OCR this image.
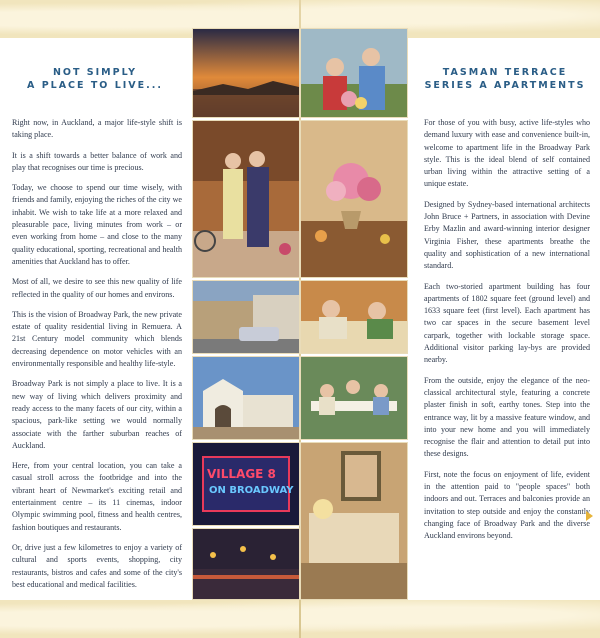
NOT SIMPLY
A PLACE TO LIVE...

Right now, in Auckland, a major life-style shift is taking place.

It is a shift towards a better balance of work and play that recognises our time is precious.

Today, we choose to spend our time wisely, with friends and family, enjoying the riches of the city we inhabit. We wish to take life at a more relaxed and pleasurable pace, living minutes from work – or even working from home – and close to the many quality educational, sporting, recreational and health amenities that Auckland has to offer.

Most of all, we desire to see this new quality of life reflected in the quality of our homes and environs.

This is the vision of Broadway Park, the new private estate of quality residential living in Remuera. A 21st Century model community which blends decreasing dependence on motor vehicles with an environmentally responsible and healthy life-style.

Broadway Park is not simply a place to live. It is a new way of living which delivers proximity and ready access to the many facets of our city, within a spacious, park-like setting we would normally associate with the farther suburban reaches of Auckland.

Here, from your central location, you can take a casual stroll across the footbridge and into the vibrant heart of Newmarket's exciting retail and entertainment centre – its 11 cinemas, indoor Olympic swimming pool, fitness and health centres, fashion boutiques and restaurants.

Or, drive just a few kilometres to enjoy a variety of cultural and sports events, shopping, city restaurants, bistros and cafes and some of the city's best educational and medical facilities.

TASMAN TERRACE
SERIES A APARTMENTS

For those of you with busy, active life-styles who demand luxury with ease and convenience built-in, welcome to apartment life in the Broadway Park style. This is the ideal blend of self contained urban living within the attractive setting of a unique estate.

Designed by Sydney-based international architects John Bruce + Partners, in association with Devine Erby Mazlin and award-winning interior designer Virginia Fisher, these apartments breathe the quality and sophistication of a new international standard.

Each two-storied apartment building has four apartments of 1802 square feet (ground level) and 1633 square feet (first level). Each apartment has two car spaces in the secure basement level carpark, together with lockable storage space. Additional visitor parking lay-bys are provided nearby.

From the outside, enjoy the elegance of the neo-classical architectural style, featuring a concrete plaster finish in soft, earthy tones. Step into the entrance way, lit by a massive feature window, and into your new home and you will immediately recognise the flair and attention to detail put into these designs.

First, note the focus on enjoyment of life, evident in the attention paid to "people spaces" both indoors and out. Terraces and balconies provide an invitation to step outside and enjoy the constantly changing face of Broadway Park and the diverse Auckland environs beyond.

VILLAGE 8
ON BROADWAY
